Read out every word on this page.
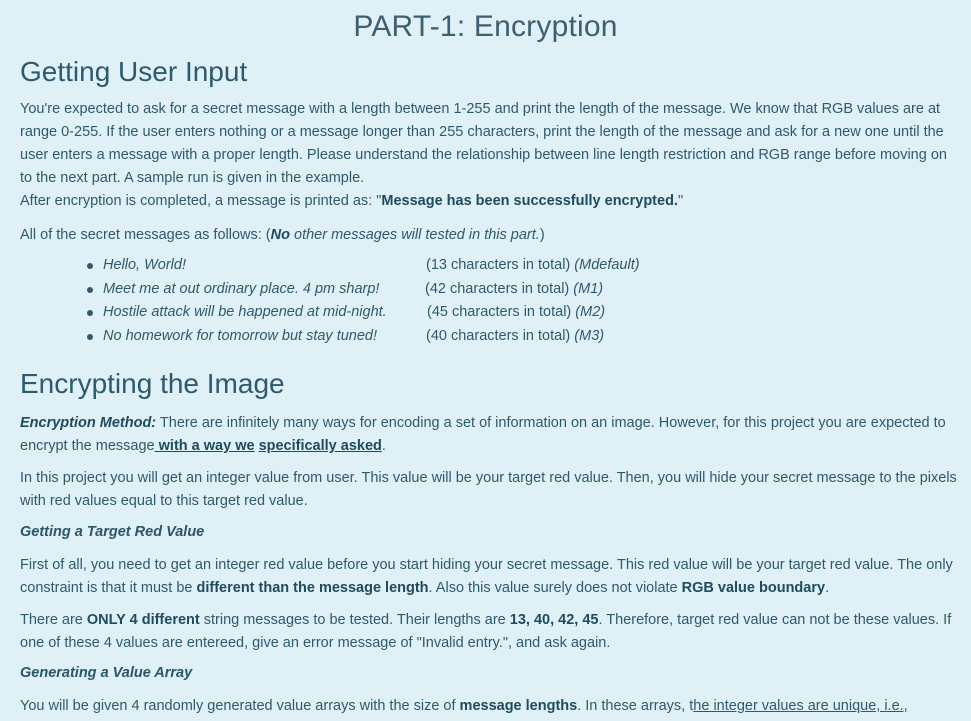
PART-1: Encryption
Getting User Input

You're expected to ask for a secret message with a length between 1-255 and print the length of the message. We know that RGB values are at range 0-255. If the user enters nothing or a message longer than 255 characters, print the length of the message and ask for a new one until the user enters a message with a proper length. Please understand the relationship between line length restriction and RGB range before moving on to the next part. A sample run is given in the example.
After encryption is completed, a message is printed as: "Message has been successfully encrypted."

All of the secret messages as follows: (No other messages will tested in this part.)

Hello, World!	(13 characters in total) (Mdefault)
Meet me at out ordinary place. 4 pm sharp!	(42 characters in total) (M1)
Hostile attack will be happened at mid-night.	(45 characters in total) (M2)
No homework for tomorrow but stay tuned!	(40 characters in total) (M3)
Encrypting the Image

Encryption Method: There are infinitely many ways for encoding a set of information on an image. However, for this project you are expected to encrypt the message with a way we specifically asked.

In this project you will get an integer value from user. This value will be your target red value. Then, you will hide your secret message to the pixels with red values equal to this target red value.

Getting a Target Red Value

First of all, you need to get an integer red value before you start hiding your secret message. This red value will be your target red value. The only constraint is that it must be different than the message length. Also this value surely does not violate RGB value boundary.

There are ONLY 4 different string messages to be tested. Their lengths are 13, 40, 42, 45. Therefore, target red value can not be these values. If one of these 4 values are entereed, give an error message of "Invalid entry.", and ask again.

Generating a Value Array

You will be given 4 randomly generated value arrays with the size of message lengths. In these arrays, the integer values are unique, i.e.,
